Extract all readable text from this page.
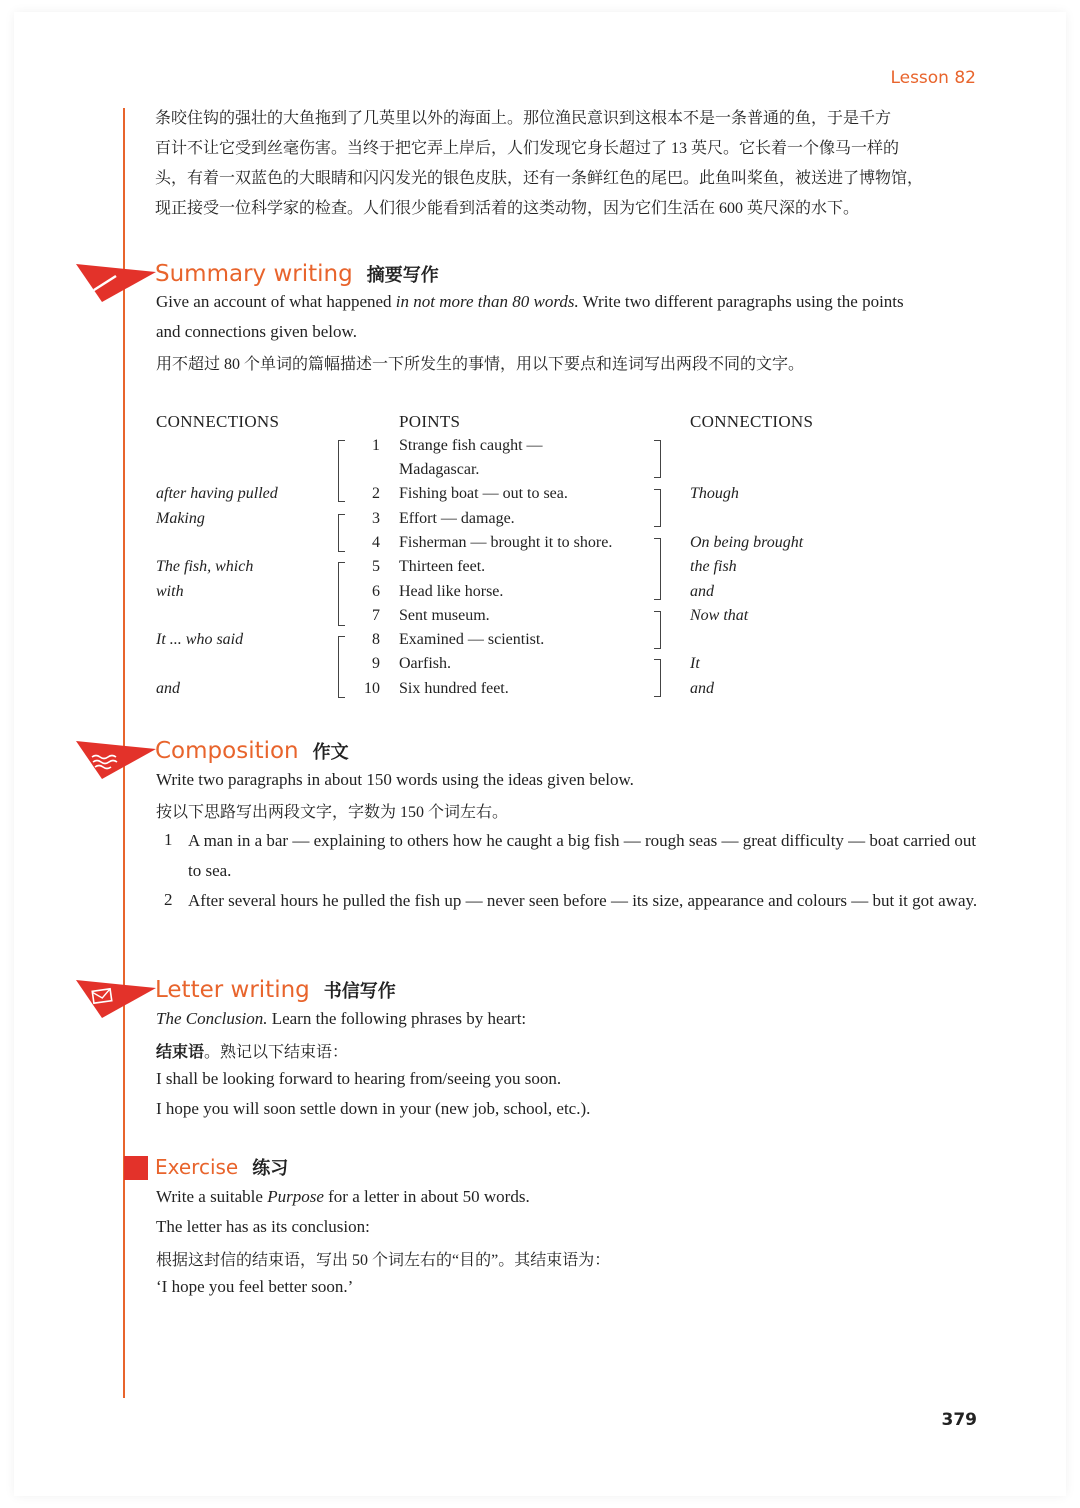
Lesson 82
条咬住钩的强壮的大鱼拖到了几英里以外的海面上。那位渔民意识到这根本不是一条普通的鱼，于是千方
百计不让它受到丝毫伤害。当终于把它弄上岸后，人们发现它身长超过了 13 英尺。它长着一个像马一样的
头，有着一双蓝色的大眼睛和闪闪发光的银色皮肤，还有一条鲜红色的尾巴。此鱼叫桨鱼，被送进了博物馆，
现正接受一位科学家的检查。人们很少能看到活着的这类动物，因为它们生活在 600 英尺深的水下。
Summary writing 摘要写作
Give an account of what happened in not more than 80 words. Write two different paragraphs using the points
and connections given below.
用不超过 80 个单词的篇幅描述一下所发生的事情，用以下要点和连词写出两段不同的文字。
CONNECTIONS	POINTS	CONNECTIONS
1 Strange fish caught —
Madagascar.
2 Fishing boat — out to sea.
3 Effort — damage.
4 Fisherman — brought it to shore.
5 Thirteen feet.
6 Head like horse.
7 Sent museum.
8 Examined — scientist.
9 Oarfish.
10 Six hundred feet.
after having pulled
Making
The fish, which
with
It ... who said
and
Though
On being brought
the fish
and
Now that
It
and
Composition 作文
Write two paragraphs in about 150 words using the ideas given below.
按以下思路写出两段文字，字数为 150 个词左右。
1 A man in a bar — explaining to others how he caught a big fish — rough seas — great difficulty — boat carried out to sea.
2 After several hours he pulled the fish up — never seen before — its size, appearance and colours — but it got away.
Letter writing 书信写作
The Conclusion. Learn the following phrases by heart:
结束语。熟记以下结束语：
I shall be looking forward to hearing from/seeing you soon.
I hope you will soon settle down in your (new job, school, etc.).
Exercise 练习
Write a suitable Purpose for a letter in about 50 words.
The letter has as its conclusion:
根据这封信的结束语，写出 50 个词左右的“目的”。其结束语为：
‘I hope you feel better soon.’
379
